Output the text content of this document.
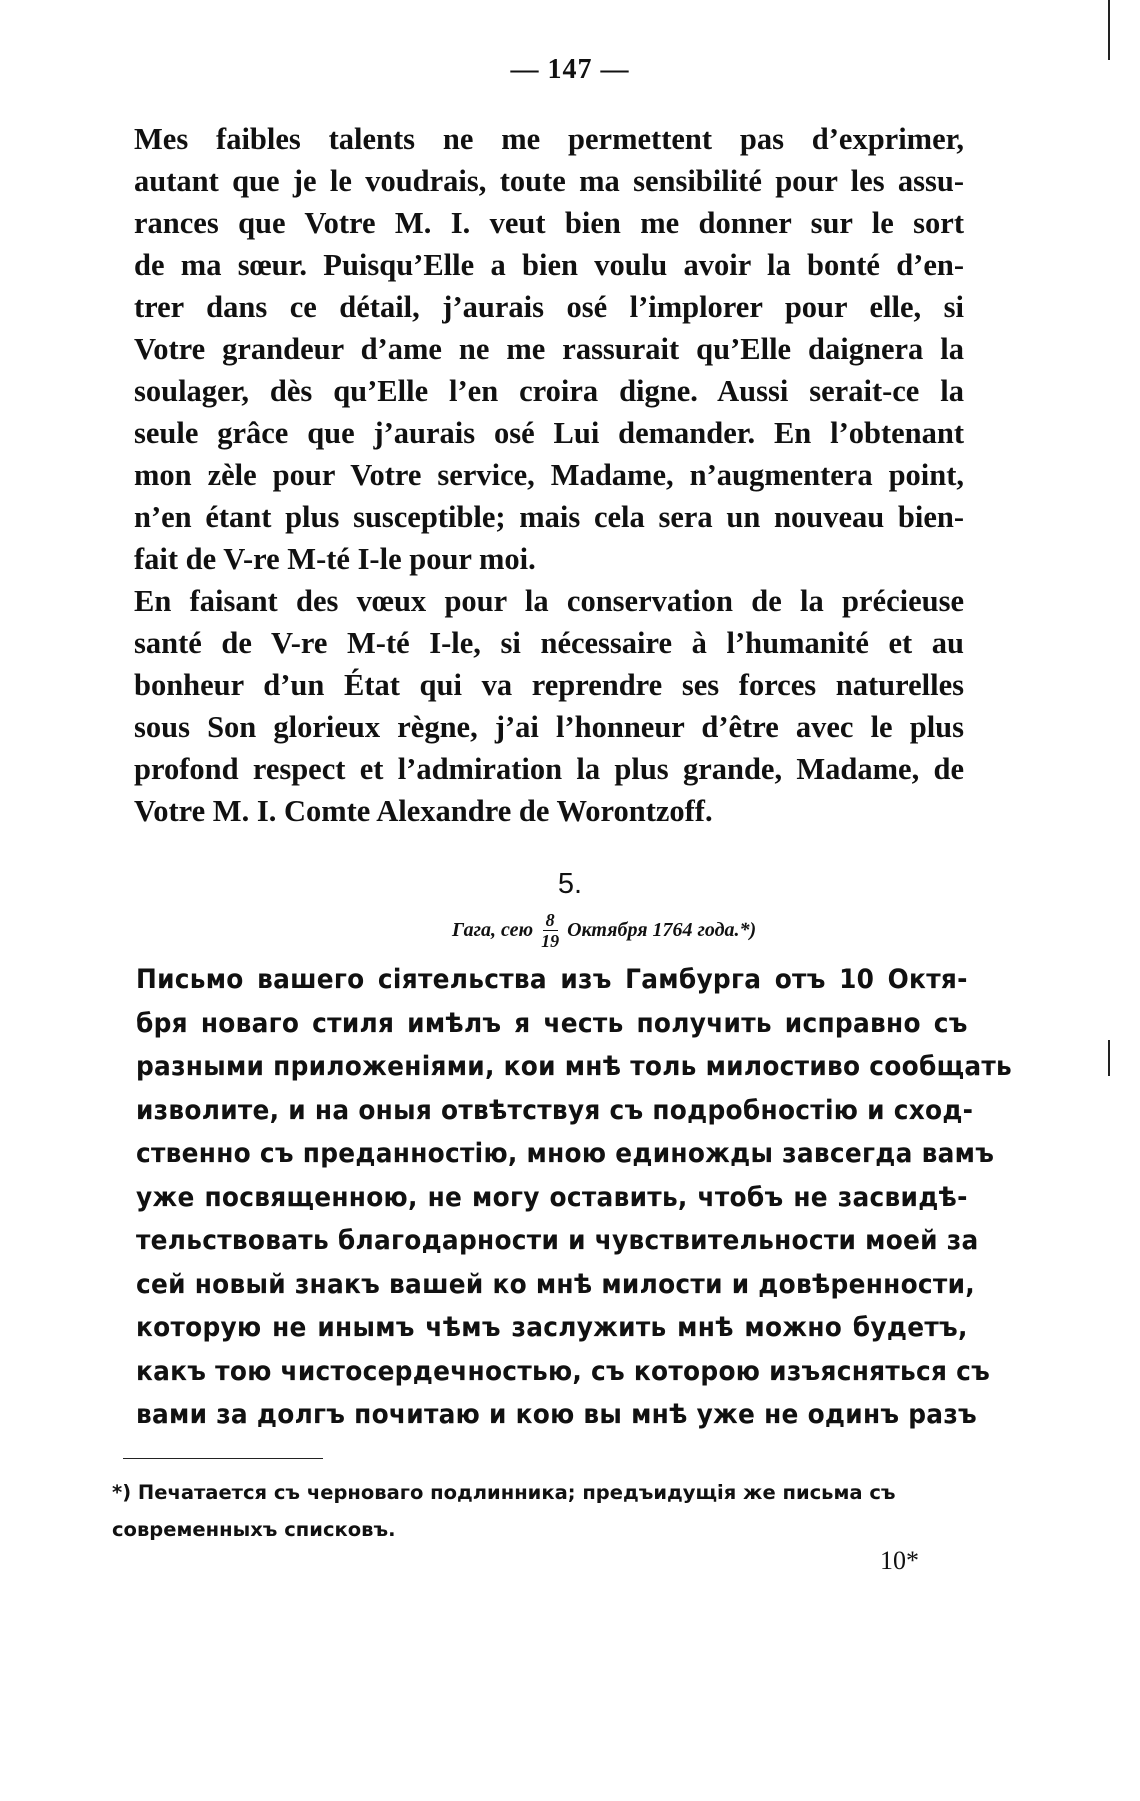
— 147 —
Mes faibles talents ne me permettent pas d’exprimer,
autant que je le voudrais, toute ma sensibilité pour les assu-
rances que Votre M. I. veut bien me donner sur le sort
de ma sœur. Puisqu’Elle a bien voulu avoir la bonté d’en-
trer dans ce détail, j’aurais osé l’implorer pour elle, si
Votre grandeur d’ame ne me rassurait qu’Elle daignera la
soulager, dès qu’Elle l’en croira digne. Aussi serait-ce la
seule grâce que j’aurais osé Lui demander. En l’obtenant
mon zèle pour Votre service, Madame, n’augmentera point,
n’en étant plus susceptible; mais cela sera un nouveau bien-
fait de V-re M-té I-le pour moi.
En faisant des vœux pour la conservation de la précieuse
santé de V-re M-té I-le, si nécessaire à l’humanité et au
bonheur d’un État qui va reprendre ses forces naturelles
sous Son glorieux règne, j’ai l’honneur d’être avec le plus
profond respect et l’admiration la plus grande, Madame, de
Votre M. I. Comte Alexandre de Worontzoff.
5.
Гага, сею $\frac{8}{19}$ Октября 1764 года.*)
Письмо вашего сіятельства изъ Гамбурга отъ 10 Октя-
бря новаго стиля имѣлъ я честь получить исправно съ
разными приложеніями, кои мнѣ толь милостиво сообщать
изволите, и на оныя отвѣтствуя съ подробностію и сход-
ственно съ преданностію, мною единожды завсегда вамъ
уже посвященною, не могу оставить, чтобъ не засвидѣ-
тельствовать благодарности и чувствительности моей за
сей новый знакъ вашей ко мнѣ милости и довѣренности,
которую не инымъ чѣмъ заслужить мнѣ можно будетъ,
какъ тою чистосердечностью, съ которою изъясняться съ
вами за долгъ почитаю и кою вы мнѣ уже не одинъ разъ
*) Печатается съ черноваго подлинника; предъидущія же письма съ
современныхъ списковъ.
10*
